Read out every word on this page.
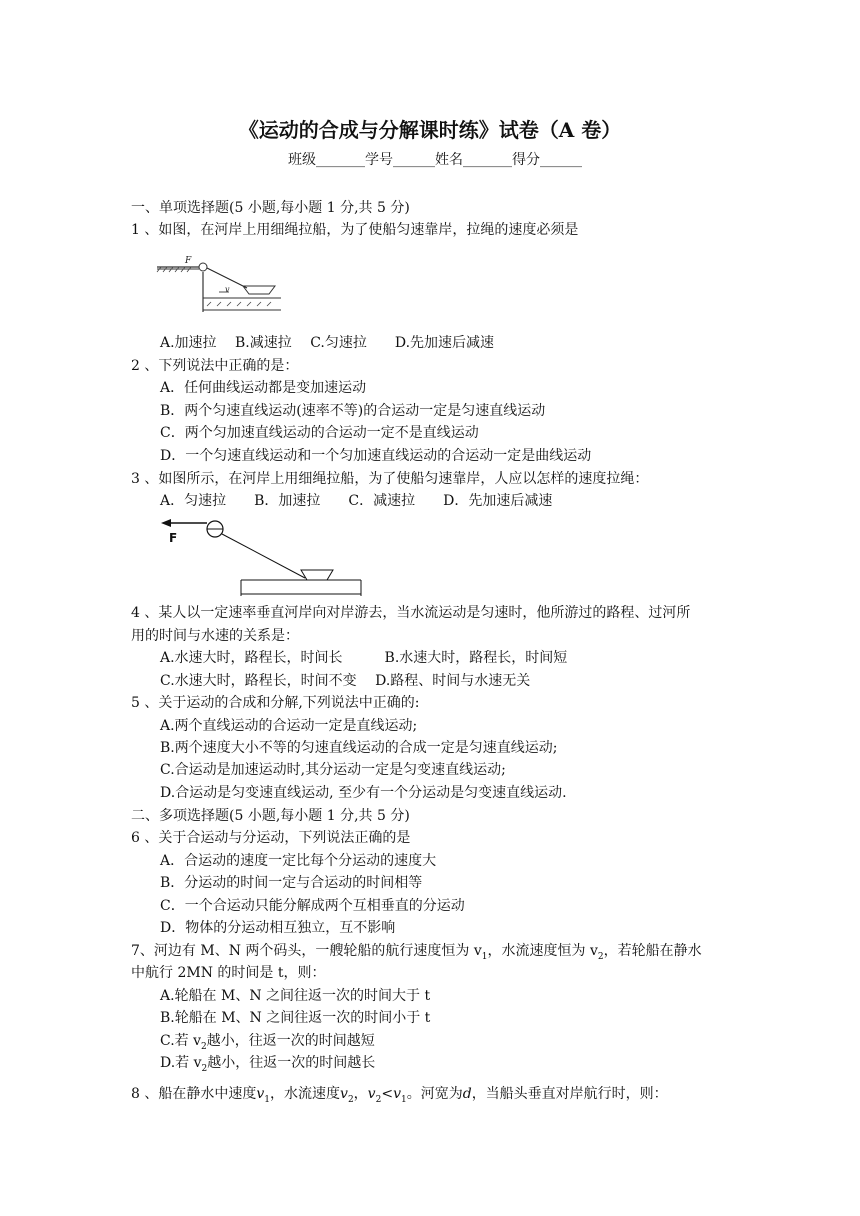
《运动的合成与分解课时练》试卷（A 卷）
班级_______学号______姓名_______得分______
一、单项选择题(5 小题,每小题 1 分,共 5 分)
1 、如图，在河岸上用细绳拉船，为了使船匀速靠岸，拉绳的速度必须是
F
v
A.加速拉　 B.减速拉　 C.匀速拉　　D.先加速后减速
2 、下列说法中正确的是：
A．任何曲线运动都是变加速运动
B．两个匀速直线运动(速率不等)的合运动一定是匀速直线运动
C．两个匀加速直线运动的合运动一定不是直线运动
D．一个匀速直线运动和一个匀加速直线运动的合运动一定是曲线运动
3 、如图所示，在河岸上用细绳拉船，为了使船匀速靠岸，人应以怎样的速度拉绳：
A．匀速拉　　B．加速拉　　C．减速拉　　D．先加速后减速
F
4 、某人以一定速率垂直河岸向对岸游去，当水流运动是匀速时，他所游过的路程、过河所
用的时间与水速的关系是：
A.水速大时，路程长，时间长　　　B.水速大时，路程长，时间短
C.水速大时，路程长，时间不变　 D.路程、时间与水速无关
5 、关于运动的合成和分解,下列说法中正确的:
A.两个直线运动的合运动一定是直线运动;
B.两个速度大小不等的匀速直线运动的合成一定是匀速直线运动;
C.合运动是加速运动时,其分运动一定是匀变速直线运动;
D.合运动是匀变速直线运动, 至少有一个分运动是匀变速直线运动.
二、多项选择题(5 小题,每小题 1 分,共 5 分)
6 、关于合运动与分运动，下列说法正确的是
A．合运动的速度一定比每个分运动的速度大
B．分运动的时间一定与合运动的时间相等
C．一个合运动只能分解成两个互相垂直的分运动
D．物体的分运动相互独立，互不影响
7、河边有 M、N 两个码头，一艘轮船的航行速度恒为 $v_1$，水流速度恒为 $v_2$，若轮船在静水
中航行 2MN 的时间是 t，则：
A.轮船在 M、N 之间往返一次的时间大于 t
B.轮船在 M、N 之间往返一次的时间小于 t
C.若 $v_2$越小，往返一次的时间越短
D.若 $v_2$越小，往返一次的时间越长
8 、船在静水中速度$v_1$，水流速度$v_2$，$v_2<v_1$。河宽为d，当船头垂直对岸航行时，则：
